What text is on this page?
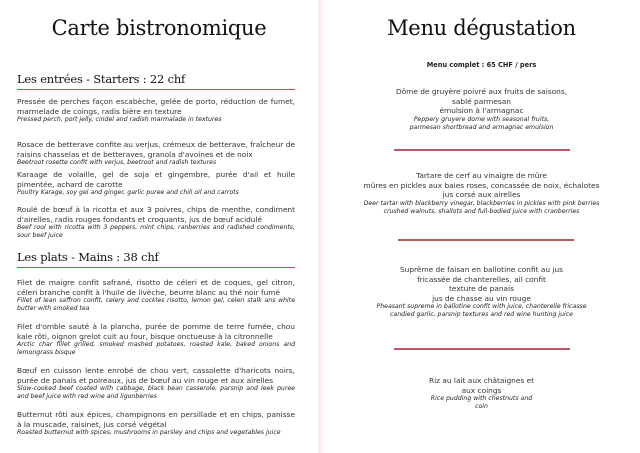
Carte bistronomique
Les entrées - Starters : 22 chf
Pressée de perches façon escabèche, gelée de porto, réduction de fumet, marmelade de coings, radis bière en texture
Pressed perch, port jelly, cindel and radish marmalade in textures
Rosace de betterave confite au verjus, crémeux de betterave, fraîcheur de raisins chasselas et de betteraves, granola d'avoines et de noix
Beetroot rosette confit with verjus, beetroot and radish textures
Karaage de volaille, gel de soja et gingembre, purée d'ail et huile pimentée, achard de carotte
Poultry Karage, soy gel and ginger, garlic puree and chili oil and carrots
Roulé de bœuf à la ricotta et aux 3 poivres, chips de menthe, condiment d'airelles, radis rouges fondants et croquants, jus de bœuf acidulé
Beef rool with ricotta with 3 peppers, mint chips, ranberries and radished condiments, sour beef juice
Les plats - Mains : 38 chf
Filet de maigre confit safrané, risotto de céleri et de coques, gel citron, céleri branche confit à l'huile de livèche, beurre blanc au thé noir fumé
Fillet of lean saffron confit, celery and cockles risotto, lemon gel, celeri stalk ans white butter with smoked tea
Filet d'omble sauté à la plancha, purée de pomme de terre fumée, chou kale rôti, oignon grelot cuit au four, bisque onctueuse à la citronnelle
Arctic char fillet grilled, smoked mashed potatoes, roasted kale, baked onions and lemongrass bisque
Bœuf en cuisson lente enrobé de chou vert, cassolette d'haricots noirs, purée de panais et poireaux, jus de bœuf au vin rouge et aux airelles
Slow-cooked beef coated with cabbage, black bean casserole, parsnip and leek puree and beef juice with red wine and ligonberries
Butternut rôti aux épices, champignons en persillade et en chips, panisse à la muscade, raisinet, jus corsé végétal
Roasted butternut with spices, mushrooms in parsley and chips and vegetables juice
Menu dégustation
Menu complet : 65 CHF / pers
Dôme de gruyère poivré aux fruits de saisons,
sablé parmesan
émulsion à l'armagnac
Peppery gruyere dome with seasonal fruits,
parmesan shortbread and armagnac emulsion
Tartare de cerf au vinaigre de mûre
mûres en pickles aux baies roses, concassée de noix, échalotes
jus corsé aux airelles
Deer tartar with blackberry vinegar, blackberries in pickles with pink berries
crushed walnuts, shallots and full-bodied juice with cranberries
Suprême de faisan en ballotine confit au jus
fricassée de chanterelles, ail confit
texture de panais
jus de chasse au vin rouge
Pheasant supreme in ballotine confit with juice, chanterelle fricasse
candied garlic, parsnip textures and red wine hunting juice
Riz au lait aux châtaignes et
aux coings
Rice pudding with chestnuts and
coin
